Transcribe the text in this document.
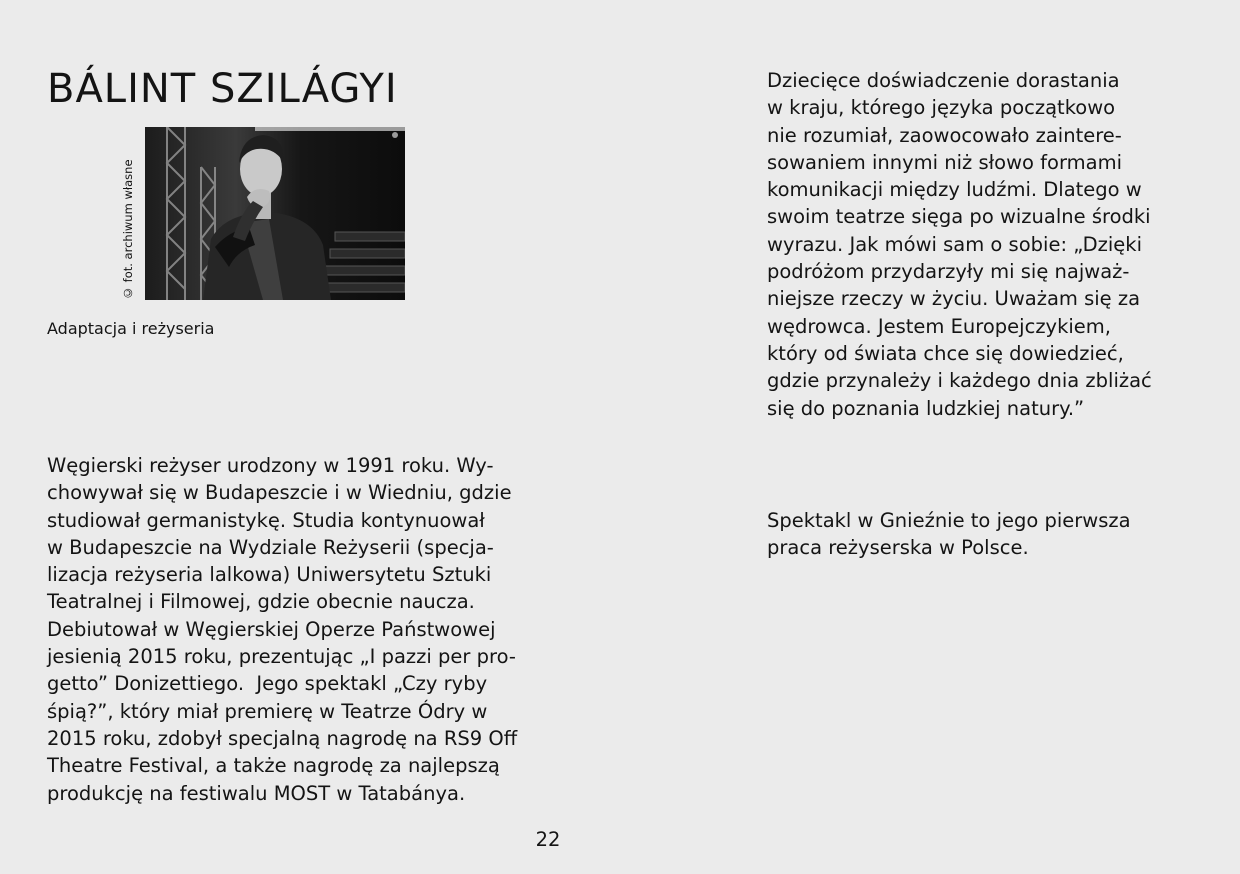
BÁLINT SZILÁGYI
© fot. archiwum własne

Adaptacja i reżyseria

Węgierski reżyser urodzony w 1991 roku. Wy-
chowywał się w Budapeszcie i w Wiedniu, gdzie
studiował germanistykę. Studia kontynuował
w Budapeszcie na Wydziale Reżyserii (specja-
lizacja reżyseria lalkowa) Uniwersytetu Sztuki
Teatralnej i Filmowej, gdzie obecnie naucza.
Debiutował w Węgierskiej Operze Państwowej
jesienią 2015 roku, prezentując „I pazzi per pro-
getto” Donizettiego.  Jego spektakl „Czy ryby
śpią?”, który miał premierę w Teatrze Ódry w
2015 roku, zdobył specjalną nagrodę na RS9 Off
Theatre Festival, a także nagrodę za najlepszą
produkcję na festiwalu MOST w Tatabánya.

Dziecięce doświadczenie dorastania
w kraju, którego języka początkowo
nie rozumiał, zaowocowało zaintere-
sowaniem innymi niż słowo formami
komunikacji między ludźmi. Dlatego w
swoim teatrze sięga po wizualne środki
wyrazu. Jak mówi sam o sobie: „Dzięki
podróżom przydarzyły mi się najważ-
niejsze rzeczy w życiu. Uważam się za
wędrowca. Jestem Europejczykiem,
który od świata chce się dowiedzieć,
gdzie przynależy i każdego dnia zbliżać
się do poznania ludzkiej natury.”

Spektakl w Gnieźnie to jego pierwsza
praca reżyserska w Polsce.

22
